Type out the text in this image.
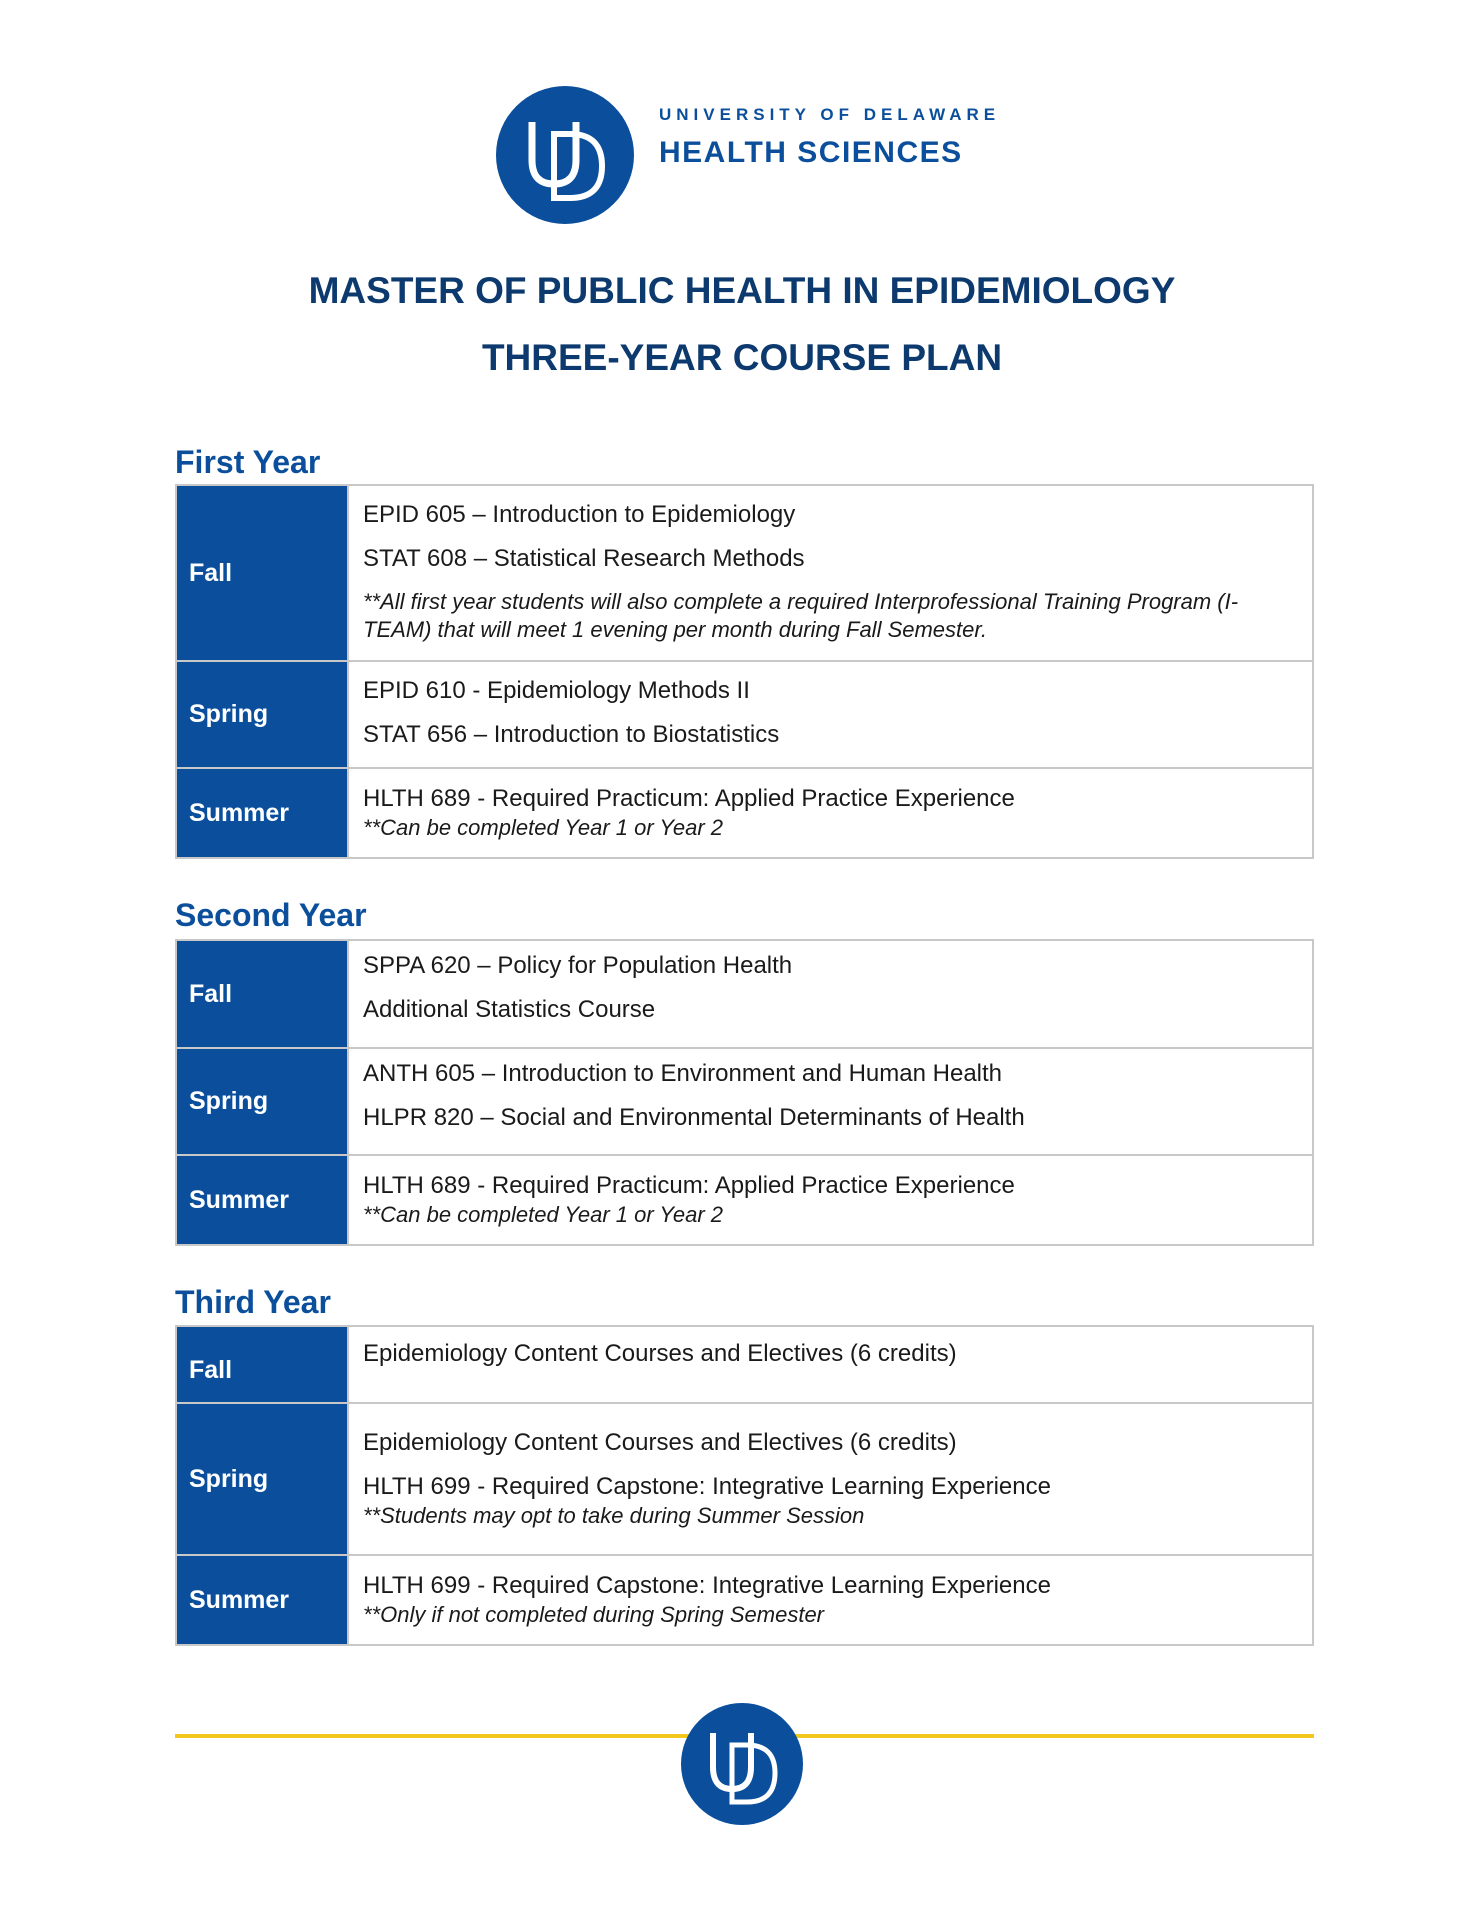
UNIVERSITY OF DELAWARE
HEALTH SCIENCES
MASTER OF PUBLIC HEALTH IN EPIDEMIOLOGY
THREE-YEAR COURSE PLAN
First Year
Fall	EPID 605 – Introduction to Epidemiology

STAT 608 – Statistical Research Methods

**All first year students will also complete a required Interprofessional Training Program (I-TEAM) that will meet 1 evening per month during Fall Semester.

Spring	EPID 610 - Epidemiology Methods II

STAT 656 – Introduction to Biostatistics

Summer	HLTH 689 - Required Practicum: Applied Practice Experience

**Can be completed Year 1 or Year 2

Second Year
Fall	SPPA 620 – Policy for Population Health

Additional Statistics Course

Spring	ANTH 605 – Introduction to Environment and Human Health

HLPR 820 – Social and Environmental Determinants of Health

Summer	HLTH 689 - Required Practicum: Applied Practice Experience

**Can be completed Year 1 or Year 2

Third Year
Fall	Epidemiology Content Courses and Electives (6 credits)

Spring	Epidemiology Content Courses and Electives (6 credits)

HLTH 699 - Required Capstone: Integrative Learning Experience

**Students may opt to take during Summer Session

Summer	HLTH 699 - Required Capstone: Integrative Learning Experience

**Only if not completed during Spring Semester
